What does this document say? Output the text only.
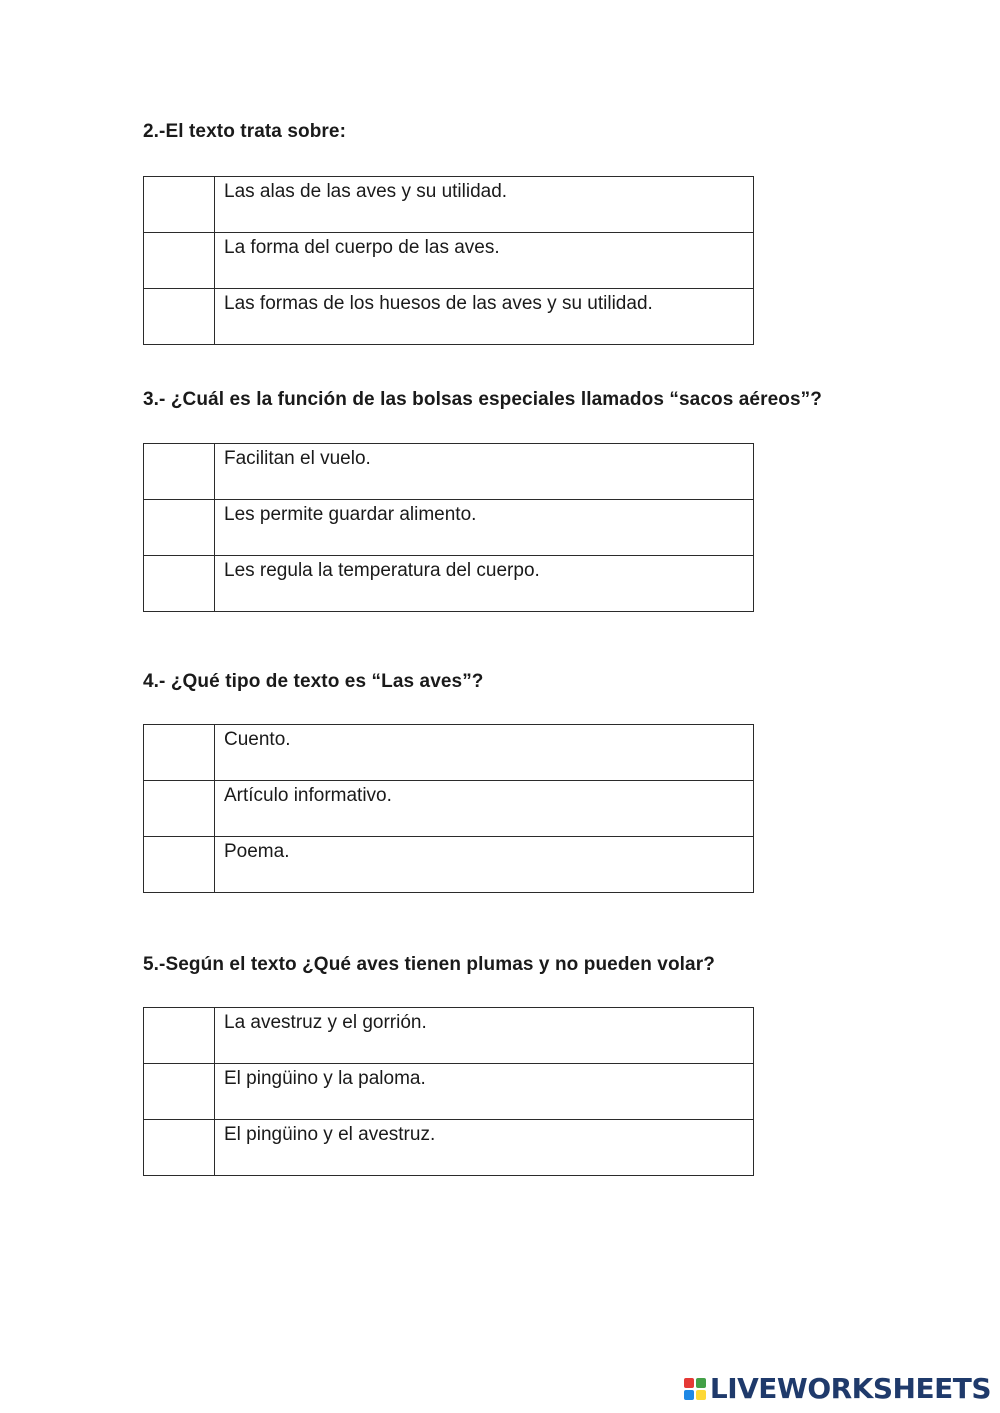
2.-El texto trata sobre:

	Las alas de las aves y su utilidad.
	La forma del cuerpo de las aves.
	Las formas de los huesos de las aves y su utilidad.

3.- ¿Cuál es la función de las bolsas especiales llamados “sacos aéreos”?

	Facilitan el vuelo.
	Les permite guardar alimento.
	Les regula la temperatura del cuerpo.

4.- ¿Qué tipo de texto es “Las aves”?

	Cuento.
	Artículo informativo.
	Poema.

5.-Según el texto ¿Qué aves tienen plumas y no pueden volar?

	La avestruz y el gorrión.
	El pingüino y la paloma.
	El pingüino y el avestruz.
LIVEWORKSHEETS
